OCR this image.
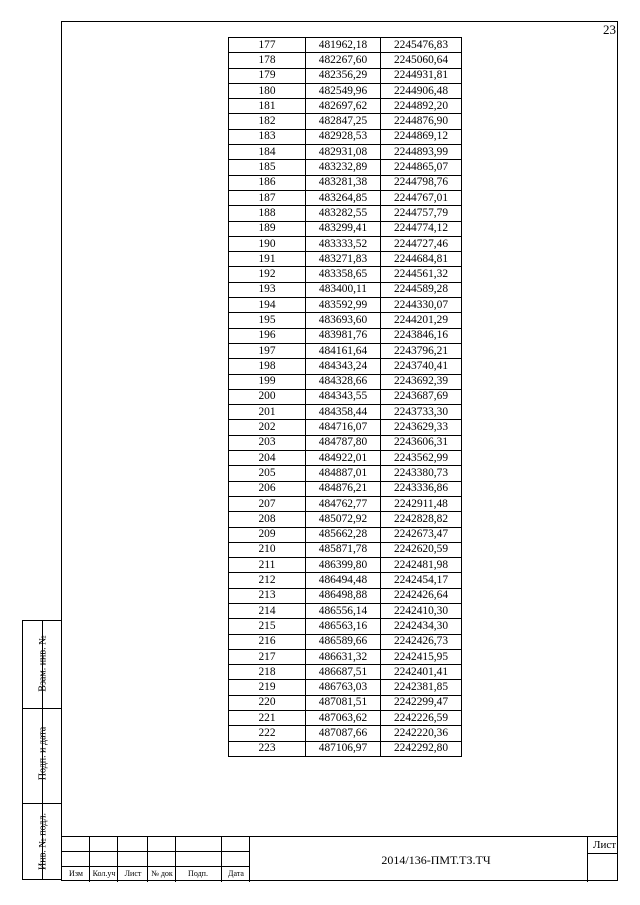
23
Взам. инв. №
Подп. и дата
Инв. № подл.
177	481962,18	2245476,83
178	482267,60	2245060,64
179	482356,29	2244931,81
180	482549,96	2244906,48
181	482697,62	2244892,20
182	482847,25	2244876,90
183	482928,53	2244869,12
184	482931,08	2244893,99
185	483232,89	2244865,07
186	483281,38	2244798,76
187	483264,85	2244767,01
188	483282,55	2244757,79
189	483299,41	2244774,12
190	483333,52	2244727,46
191	483271,83	2244684,81
192	483358,65	2244561,32
193	483400,11	2244589,28
194	483592,99	2244330,07
195	483693,60	2244201,29
196	483981,76	2243846,16
197	484161,64	2243796,21
198	484343,24	2243740,41
199	484328,66	2243692,39
200	484343,55	2243687,69
201	484358,44	2243733,30
202	484716,07	2243629,33
203	484787,80	2243606,31
204	484922,01	2243562,99
205	484887,01	2243380,73
206	484876,21	2243336,86
207	484762,77	2242911,48
208	485072,92	2242828,82
209	485662,28	2242673,47
210	485871,78	2242620,59
211	486399,80	2242481,98
212	486494,48	2242454,17
213	486498,88	2242426,64
214	486556,14	2242410,30
215	486563,16	2242434,30
216	486589,66	2242426,73
217	486631,32	2242415,95
218	486687,51	2242401,41
219	486763,03	2242381,85
220	487081,51	2242299,47
221	487063,62	2242226,59
222	487087,66	2242220,36
223	487106,97	2242292,80
Изм	Кол.уч	Лист	№ док	Подп.	Дата
2014/136-ПМТ.ТЗ.ТЧ
Лист
